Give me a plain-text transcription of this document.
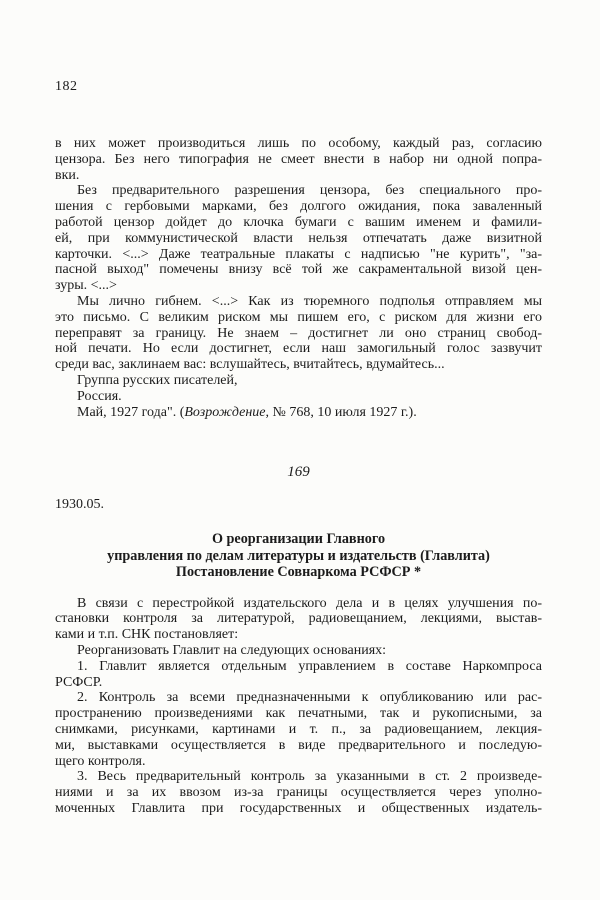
182
в них может производиться лишь по особому, каждый раз, согласию
цензора. Без него типография не смеет внести в набор ни одной попра-
вки.
Без предварительного разрешения цензора, без специального про-
шения с гербовыми марками, без долгого ожидания, пока заваленный
работой цензор дойдет до клочка бумаги с вашим именем и фамили-
ей, при коммунистической власти нельзя отпечатать даже визитной
карточки. <...> Даже театральные плакаты с надписью "не курить", "за-
пасной выход" помечены внизу всё той же сакраментальной визой цен-
зуры. <...>
Мы лично гибнем. <...> Как из тюремного подполья отправляем мы
это письмо. С великим риском мы пишем его, с риском для жизни его
переправят за границу. Не знаем – достигнет ли оно страниц свобод-
ной печати. Но если достигнет, если наш замогильный голос зазвучит
среди вас, заклинаем вас: вслушайтесь, вчитайтесь, вдумайтесь...
Группа русских писателей,
Россия.
Май, 1927 года". (Возрождение, № 768, 10 июля 1927 г.).
169
1930.05.
О реорганизации Главного
управления по делам литературы и издательств (Главлита)
Постановление Совнаркома РСФСР *
В связи с перестройкой издательского дела и в целях улучшения по-
становки контроля за литературой, радиовещанием, лекциями, выстав-
ками и т.п. СНК постановляет:
Реорганизовать Главлит на следующих основаниях:
1. Главлит является отдельным управлением в составе Наркомпроса
РСФСР.
2. Контроль за всеми предназначенными к опубликованию или рас-
пространению произведениями как печатными, так и рукописными, за
снимками, рисунками, картинами и т. п., за радиовещанием, лекция-
ми, выставками осуществляется в виде предварительного и последую-
щего контроля.
3. Весь предварительный контроль за указанными в ст. 2 произведе-
ниями и за их ввозом из-за границы осуществляется через уполно-
моченных Главлита при государственных и общественных издатель-
